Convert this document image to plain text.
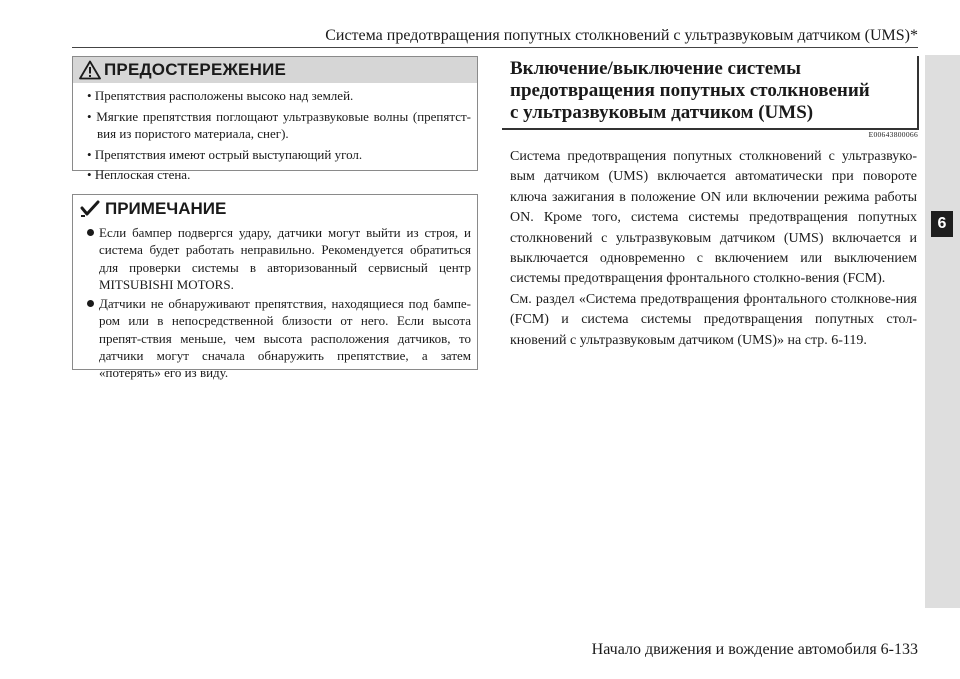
Система предотвращения попутных столкновений с ультразвуковым датчиком (UMS)*
6
ПРЕДОСТЕРЕЖЕНИЕ
• Препятствия расположены высоко над землей.
• Мягкие препятствия поглощают ультразвуковые волны (препятст-вия из пористого материала, снег).
• Препятствия имеют острый выступающий угол.
• Неплоская стена.
ПРИМЕЧАНИЕ
Если бампер подвергся удару, датчики могут выйти из строя, и система будет работать неправильно. Рекомендуется обратиться для проверки системы в авторизованный сервисный центр MITSUBISHI MOTORS.
Датчики не обнаруживают препятствия, находящиеся под бампе-ром или в непосредственной близости от него. Если высота препят-ствия меньше, чем высота расположения датчиков, то датчики могут сначала обнаружить препятствие, а затем «потерять» его из виду.
Включение/выключение системы
предотвращения попутных столкновений
с ультразвуковым датчиком (UMS)
E00643800066

Система предотвращения попутных столкновений с ультразвуко-вым датчиком (UMS) включается автоматически при повороте ключа зажигания в положение ON или включении режима работы ON. Кроме того, система системы предотвращения попутных столкновений с ультразвуковым датчиком (UMS) включается и выключается одновременно с включением или выключением системы предотвращения фронтального столкно-вения (FCM).

См. раздел «Система предотвращения фронтального столкнове-ния (FCM) и система системы предотвращения попутных стол-кновений с ультразвуковым датчиком (UMS)» на стр. 6-119.

Начало движения и вождение автомобиля 6-133
